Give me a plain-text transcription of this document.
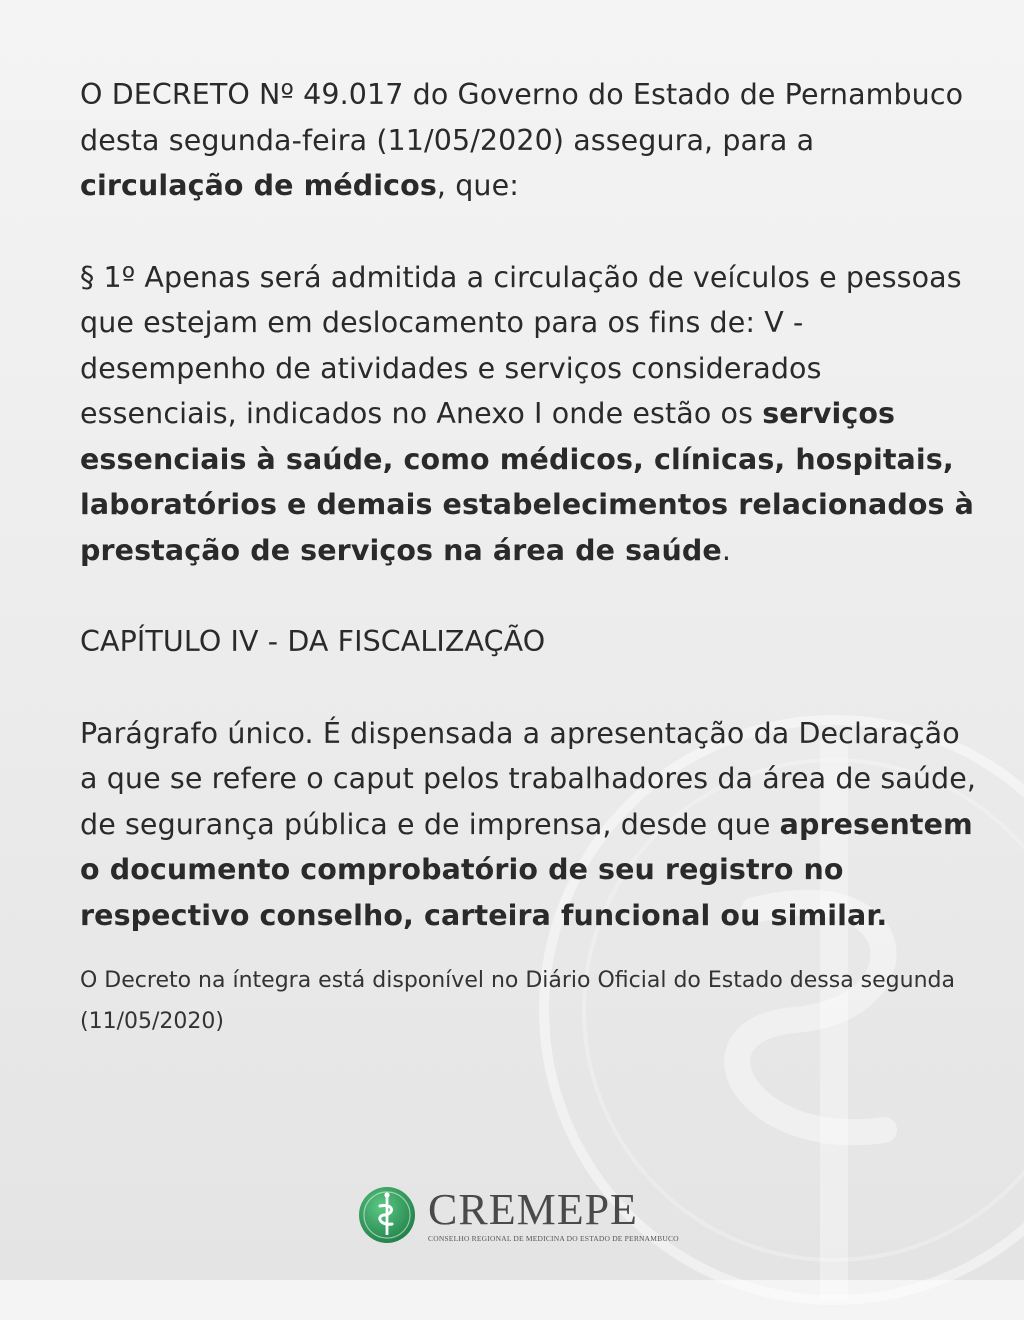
O DECRETO Nº 49.017 do Governo do Estado de Pernambuco desta segunda-feira (11/05/2020) assegura, para a circulação de médicos, que:

§ 1º Apenas será admitida a circulação de veículos e pessoas que estejam em deslocamento para os fins de: V - desempenho de atividades e serviços considerados essenciais, indicados no Anexo I onde estão os serviços essenciais à saúde, como médicos, clínicas, hospitais, laboratórios e demais estabelecimentos relacionados à prestação de serviços na área de saúde.

CAPÍTULO IV - DA FISCALIZAÇÃO

Parágrafo único. É dispensada a apresentação da Declaração a que se refere o caput pelos trabalhadores da área de saúde, de segurança pública e de imprensa, desde que apresentem o documento comprobatório de seu registro no respectivo conselho, carteira funcional ou similar.

O Decreto na íntegra está disponível no Diário Oficial do Estado dessa segunda (11/05/2020)

CREMEPE
CONSELHO REGIONAL DE MEDICINA DO ESTADO DE PERNAMBUCO
